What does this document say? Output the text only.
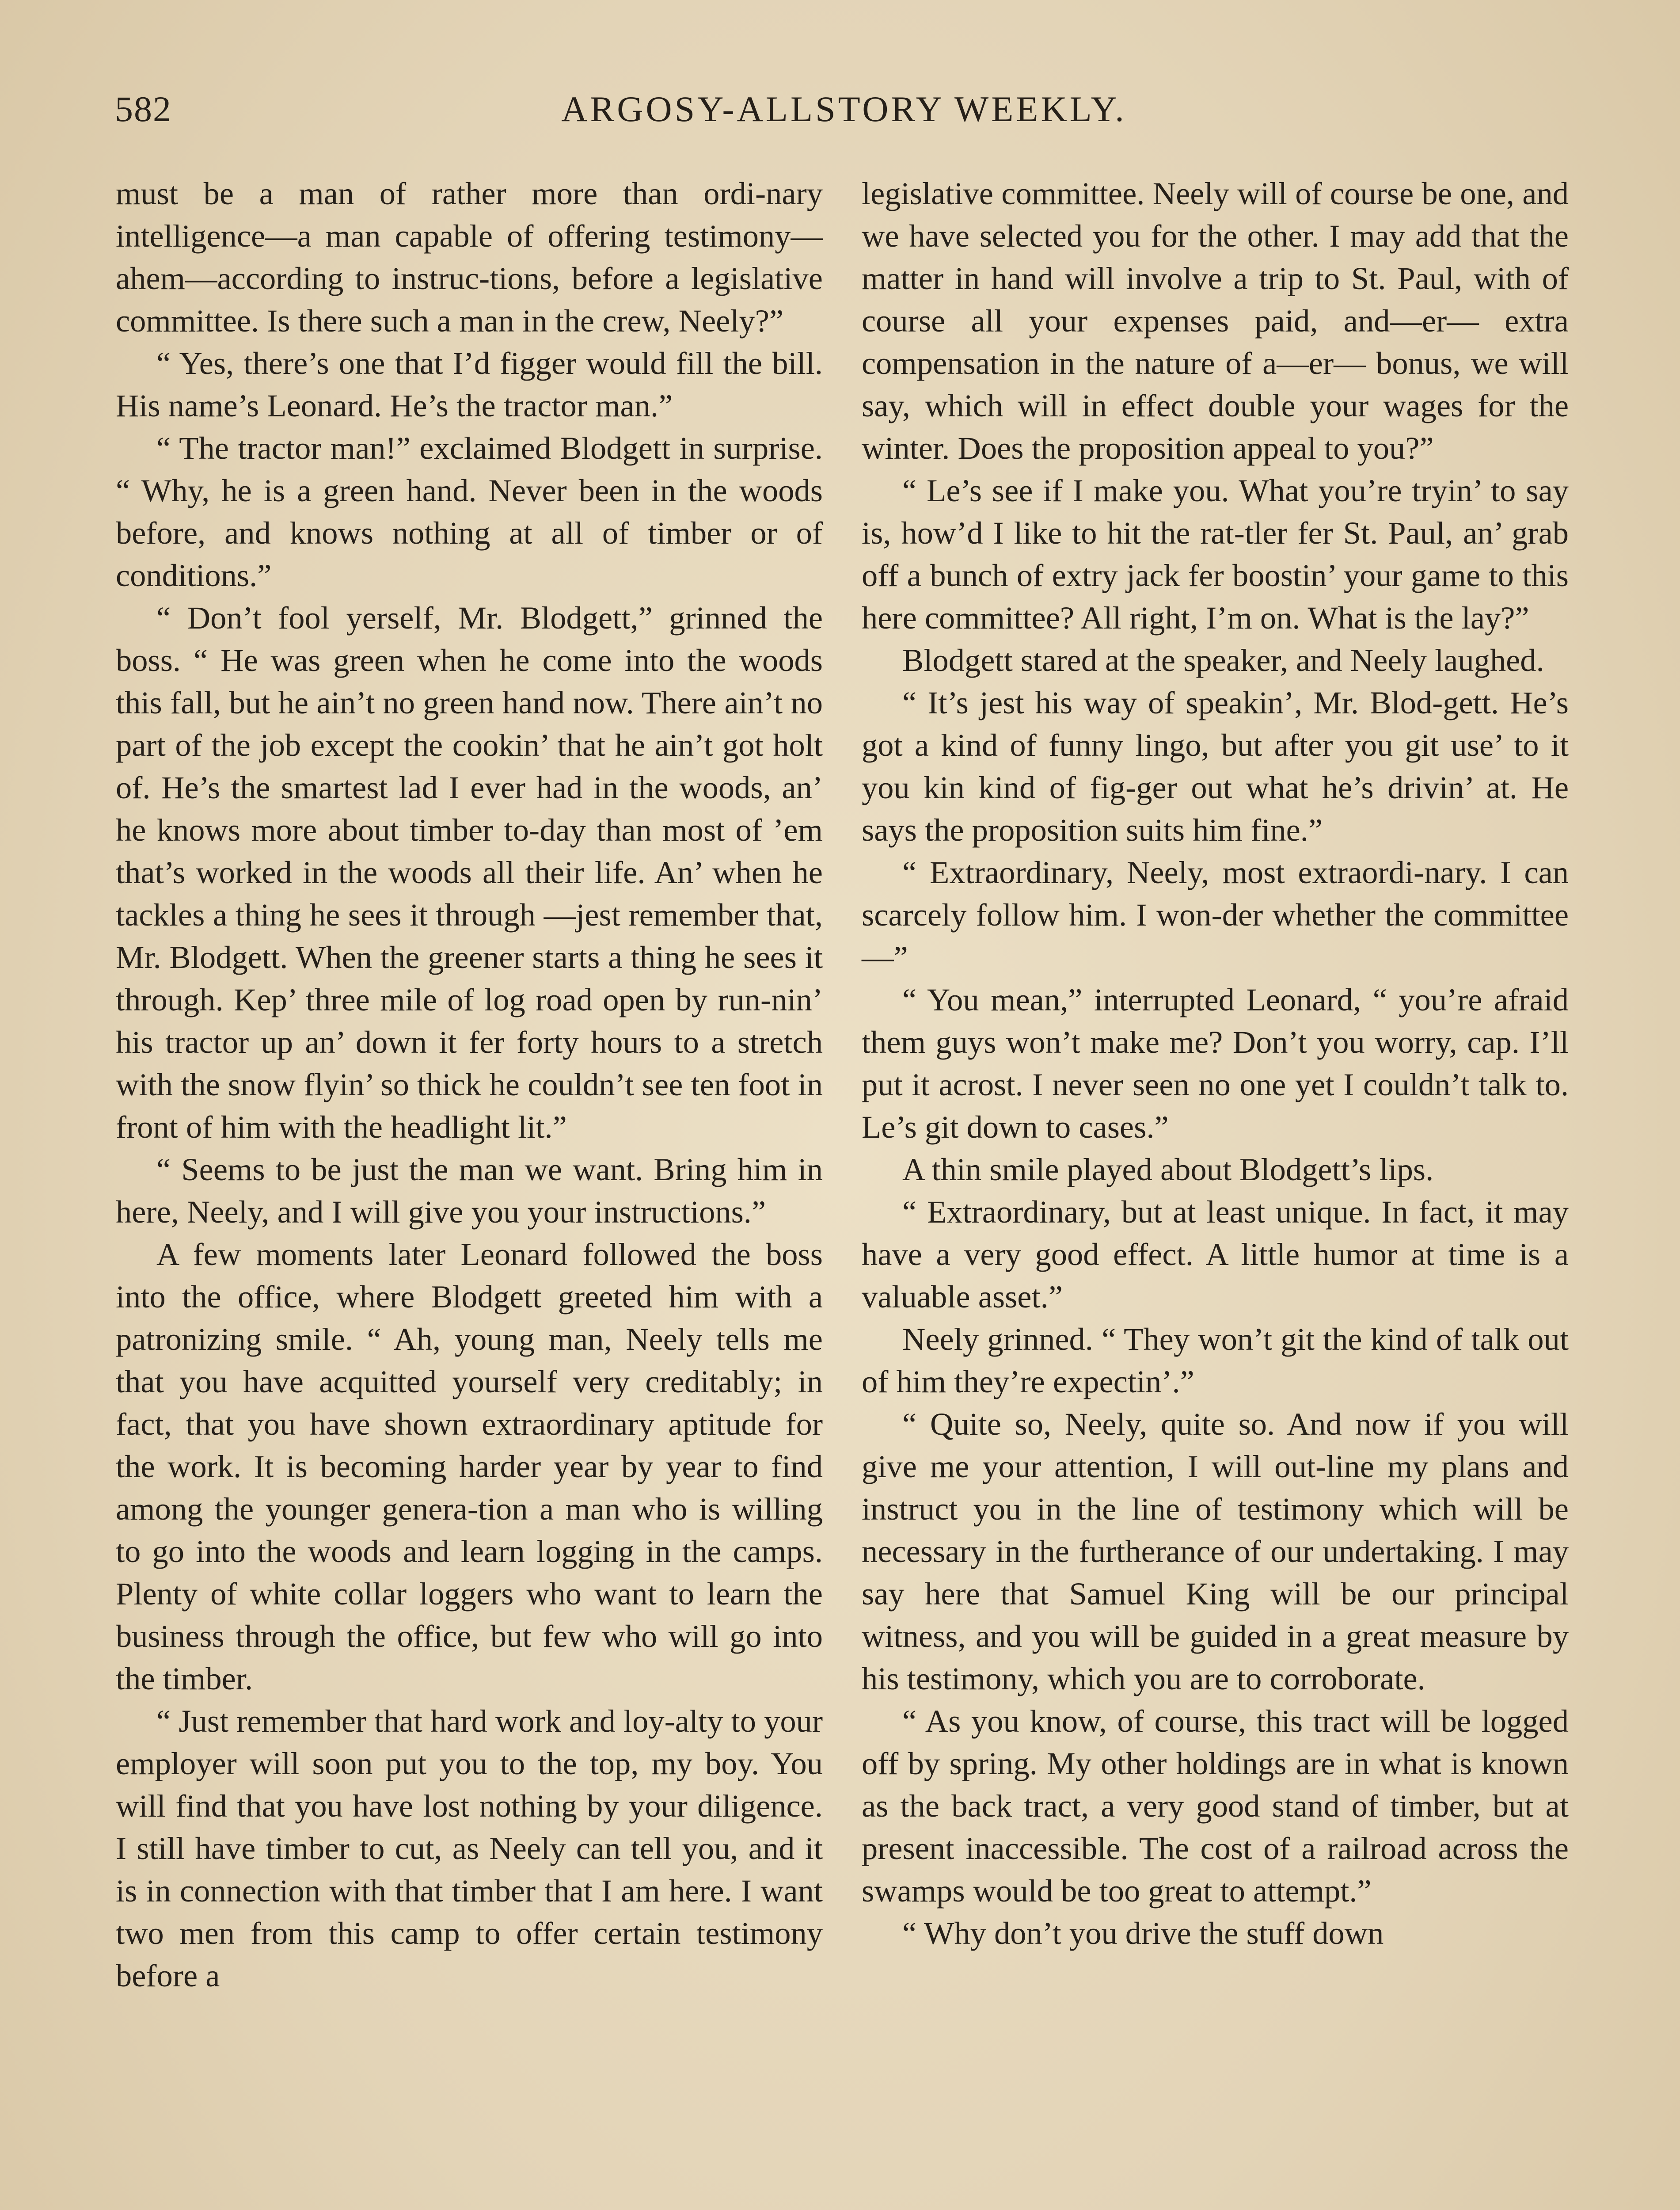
582	ARGOSY-ALLSTORY WEEKLY.

must be a man of rather more than ordi-nary intelligence—a man capable of offering testimony—ahem—according to instruc-tions, before a legislative committee. Is there such a man in the crew, Neely?”

“ Yes, there’s one that I’d figger would fill the bill. His name’s Leonard. He’s the tractor man.”

“ The tractor man!” exclaimed Blodgett in surprise. “ Why, he is a green hand. Never been in the woods before, and knows nothing at all of timber or of conditions.”

“ Don’t fool yerself, Mr. Blodgett,” grinned the boss. “ He was green when he come into the woods this fall, but he ain’t no green hand now. There ain’t no part of the job except the cookin’ that he ain’t got holt of. He’s the smartest lad I ever had in the woods, an’ he knows more about timber to-day than most of ’em that’s worked in the woods all their life. An’ when he tackles a thing he sees it through —jest remember that, Mr. Blodgett. When the greener starts a thing he sees it through. Kep’ three mile of log road open by run-nin’ his tractor up an’ down it fer forty hours to a stretch with the snow flyin’ so thick he couldn’t see ten foot in front of him with the headlight lit.”

“ Seems to be just the man we want. Bring him in here, Neely, and I will give you your instructions.”

A few moments later Leonard followed the boss into the office, where Blodgett greeted him with a patronizing smile. “ Ah, young man, Neely tells me that you have acquitted yourself very creditably; in fact, that you have shown extraordinary aptitude for the work. It is becoming harder year by year to find among the younger genera-tion a man who is willing to go into the woods and learn logging in the camps. Plenty of white collar loggers who want to learn the business through the office, but few who will go into the timber.

“ Just remember that hard work and loy-alty to your employer will soon put you to the top, my boy. You will find that you have lost nothing by your diligence. I still have timber to cut, as Neely can tell you, and it is in connection with that timber that I am here. I want two men from this camp to offer certain testimony before a

legislative committee. Neely will of course be one, and we have selected you for the other. I may add that the matter in hand will involve a trip to St. Paul, with of course all your expenses paid, and—er— extra compensation in the nature of a—er— bonus, we will say, which will in effect double your wages for the winter. Does the proposition appeal to you?”

“ Le’s see if I make you. What you’re tryin’ to say is, how’d I like to hit the rat-tler fer St. Paul, an’ grab off a bunch of extry jack fer boostin’ your game to this here committee? All right, I’m on. What is the lay?”

Blodgett stared at the speaker, and Neely laughed.

“ It’s jest his way of speakin’, Mr. Blod-gett. He’s got a kind of funny lingo, but after you git use’ to it you kin kind of fig-ger out what he’s drivin’ at. He says the proposition suits him fine.”

“ Extraordinary, Neely, most extraordi-nary. I can scarcely follow him. I won-der whether the committee—”

“ You mean,” interrupted Leonard, “ you’re afraid them guys won’t make me? Don’t you worry, cap. I’ll put it acrost. I never seen no one yet I couldn’t talk to. Le’s git down to cases.”

A thin smile played about Blodgett’s lips.

“ Extraordinary, but at least unique. In fact, it may have a very good effect. A little humor at time is a valuable asset.”

Neely grinned. “ They won’t git the kind of talk out of him they’re expectin’.”

“ Quite so, Neely, quite so. And now if you will give me your attention, I will out-line my plans and instruct you in the line of testimony which will be necessary in the furtherance of our undertaking. I may say here that Samuel King will be our principal witness, and you will be guided in a great measure by his testimony, which you are to corroborate.

“ As you know, of course, this tract will be logged off by spring. My other holdings are in what is known as the back tract, a very good stand of timber, but at present inaccessible. The cost of a railroad across the swamps would be too great to attempt.”

“ Why don’t you drive the stuff down
